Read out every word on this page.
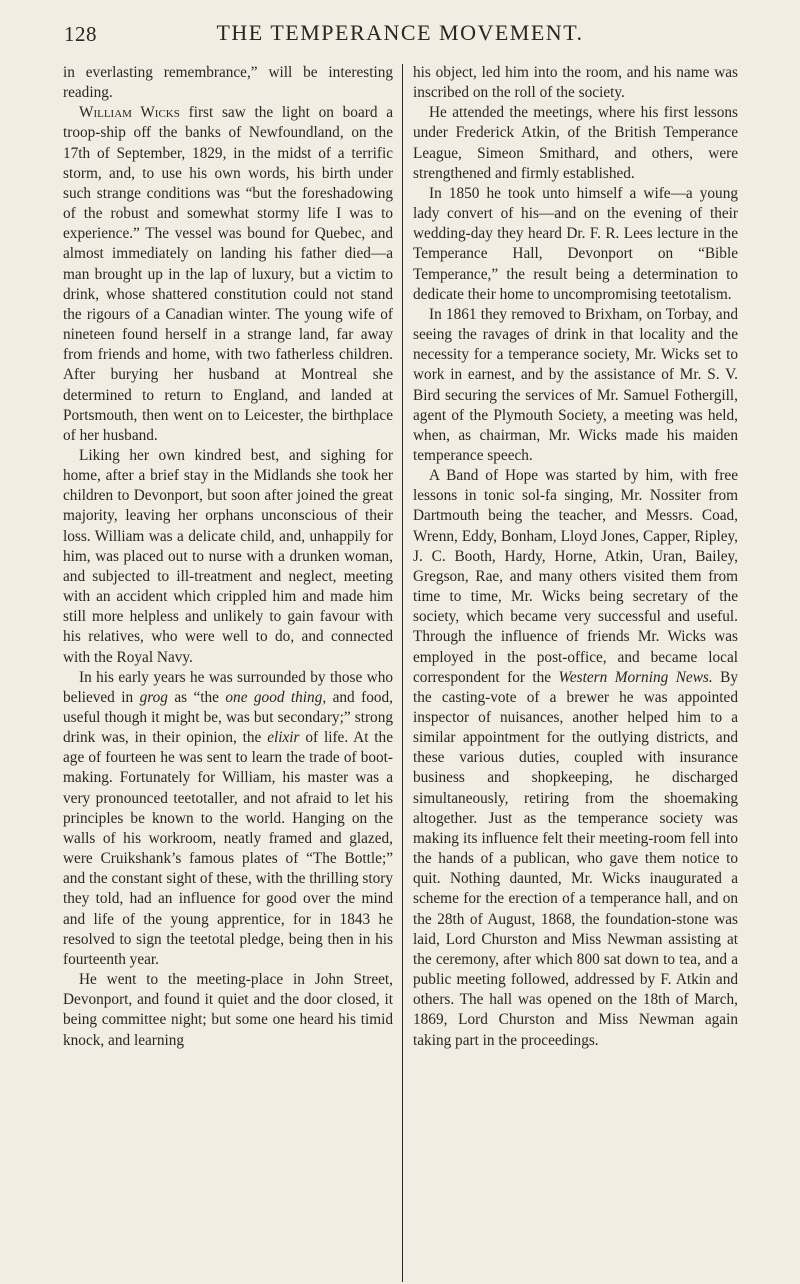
128	THE TEMPERANCE MOVEMENT.

in everlasting remembrance,” will be interesting reading.

William Wicks first saw the light on board a troop-ship off the banks of Newfoundland, on the 17th of September, 1829, in the midst of a terrific storm, and, to use his own words, his birth under such strange conditions was “but the foreshadowing of the robust and somewhat stormy life I was to experience.” The vessel was bound for Quebec, and almost immediately on landing his father died—a man brought up in the lap of luxury, but a victim to drink, whose shattered constitution could not stand the rigours of a Canadian winter. The young wife of nineteen found herself in a strange land, far away from friends and home, with two fatherless children. After burying her husband at Montreal she determined to return to England, and landed at Portsmouth, then went on to Leicester, the birthplace of her husband.

Liking her own kindred best, and sighing for home, after a brief stay in the Midlands she took her children to Devonport, but soon after joined the great majority, leaving her orphans unconscious of their loss. William was a delicate child, and, unhappily for him, was placed out to nurse with a drunken woman, and subjected to ill-treatment and neglect, meeting with an accident which crippled him and made him still more helpless and unlikely to gain favour with his relatives, who were well to do, and connected with the Royal Navy.

In his early years he was surrounded by those who believed in grog as “the one good thing, and food, useful though it might be, was but secondary;” strong drink was, in their opinion, the elixir of life. At the age of fourteen he was sent to learn the trade of boot-making. Fortunately for William, his master was a very pronounced teetotaller, and not afraid to let his principles be known to the world. Hanging on the walls of his workroom, neatly framed and glazed, were Cruikshank’s famous plates of “The Bottle;” and the constant sight of these, with the thrilling story they told, had an influence for good over the mind and life of the young apprentice, for in 1843 he resolved to sign the teetotal pledge, being then in his fourteenth year.

He went to the meeting-place in John Street, Devonport, and found it quiet and the door closed, it being committee night; but some one heard his timid knock, and learning

his object, led him into the room, and his name was inscribed on the roll of the society.

He attended the meetings, where his first lessons under Frederick Atkin, of the British Temperance League, Simeon Smithard, and others, were strengthened and firmly established.

In 1850 he took unto himself a wife—a young lady convert of his—and on the evening of their wedding-day they heard Dr. F. R. Lees lecture in the Temperance Hall, Devonport on “Bible Temperance,” the result being a determination to dedicate their home to uncompromising teetotalism.

In 1861 they removed to Brixham, on Torbay, and seeing the ravages of drink in that locality and the necessity for a temperance society, Mr. Wicks set to work in earnest, and by the assistance of Mr. S. V. Bird securing the services of Mr. Samuel Fothergill, agent of the Plymouth Society, a meeting was held, when, as chairman, Mr. Wicks made his maiden temperance speech.

A Band of Hope was started by him, with free lessons in tonic sol-fa singing, Mr. Nossiter from Dartmouth being the teacher, and Messrs. Coad, Wrenn, Eddy, Bonham, Lloyd Jones, Capper, Ripley, J. C. Booth, Hardy, Horne, Atkin, Uran, Bailey, Gregson, Rae, and many others visited them from time to time, Mr. Wicks being secretary of the society, which became very successful and useful. Through the influence of friends Mr. Wicks was employed in the post-office, and became local correspondent for the Western Morning News. By the casting-vote of a brewer he was appointed inspector of nuisances, another helped him to a similar appointment for the outlying districts, and these various duties, coupled with insurance business and shopkeeping, he discharged simultaneously, retiring from the shoemaking altogether. Just as the temperance society was making its influence felt their meeting-room fell into the hands of a publican, who gave them notice to quit. Nothing daunted, Mr. Wicks inaugurated a scheme for the erection of a temperance hall, and on the 28th of August, 1868, the foundation-stone was laid, Lord Churston and Miss Newman assisting at the ceremony, after which 800 sat down to tea, and a public meeting followed, addressed by F. Atkin and others. The hall was opened on the 18th of March, 1869, Lord Churston and Miss Newman again taking part in the proceedings.
